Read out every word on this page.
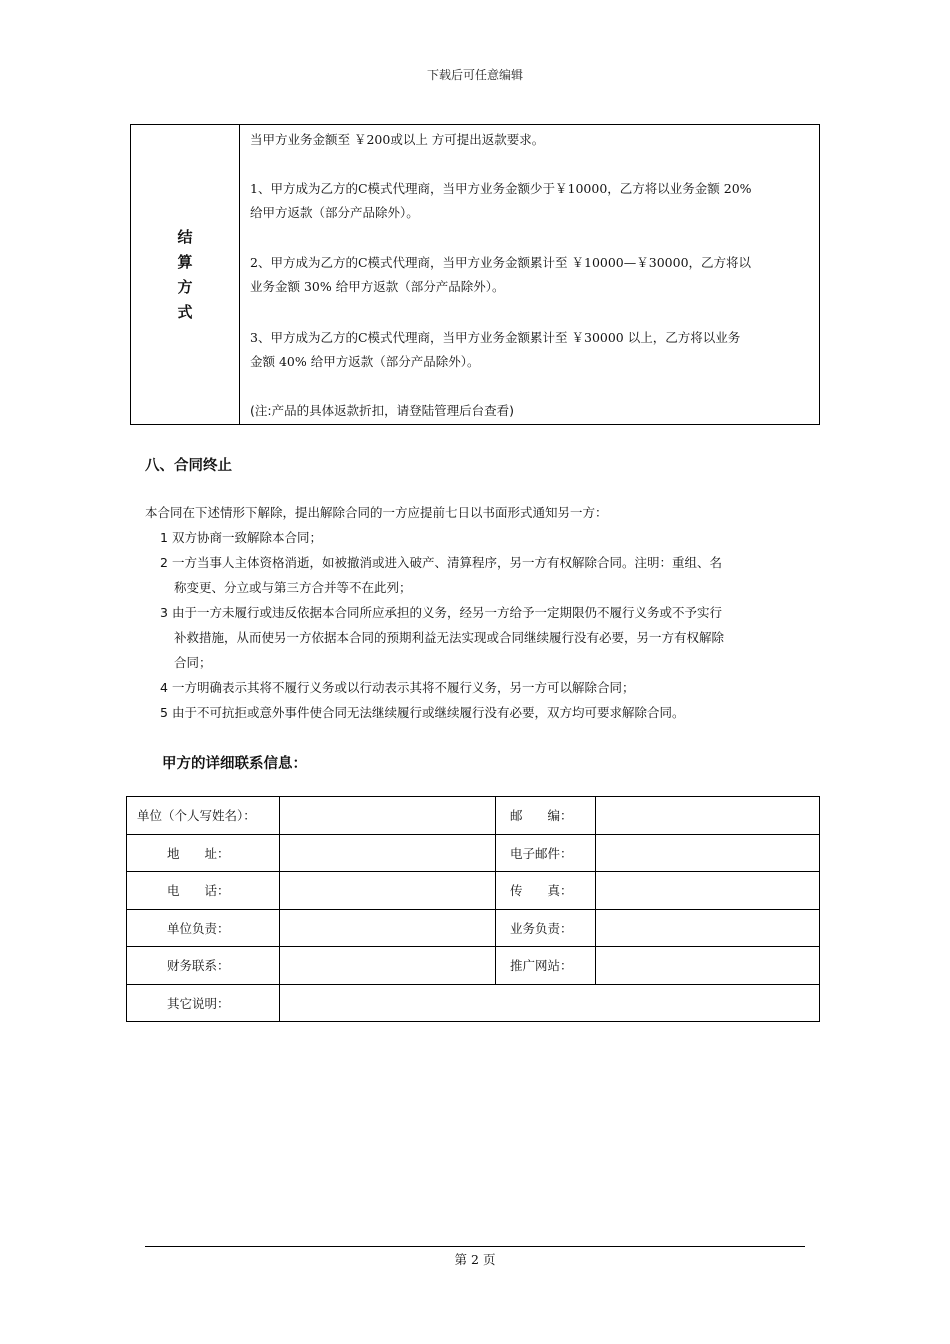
下载后可任意编辑
结算方式	
当甲方业务金额至 ￥200或以上 方可提出返款要求。
1、甲方成为乙方的C模式代理商，当甲方业务金额少于￥10000，乙方将以业务金额 20%
给甲方返款（部分产品除外）。
2、甲方成为乙方的C模式代理商，当甲方业务金额累计至 ￥10000—￥30000，乙方将以
业务金额 30% 给甲方返款（部分产品除外）。
3、甲方成为乙方的C模式代理商，当甲方业务金额累计至 ￥30000 以上，乙方将以业务
金额 40% 给甲方返款（部分产品除外）。
(注:产品的具体返款折扣，请登陆管理后台查看)
八、合同终止
本合同在下述情形下解除，提出解除合同的一方应提前七日以书面形式通知另一方：
1 双方协商一致解除本合同；
2 一方当事人主体资格消逝，如被撤消或进入破产、清算程序，另一方有权解除合同。注明：重组、名
称变更、分立或与第三方合并等不在此列；
3 由于一方未履行或违反依据本合同所应承担的义务，经另一方给予一定期限仍不履行义务或不予实行
补救措施，从而使另一方依据本合同的预期利益无法实现或合同继续履行没有必要，另一方有权解除
合同；
4 一方明确表示其将不履行义务或以行动表示其将不履行义务，另一方可以解除合同；
5 由于不可抗拒或意外事件使合同无法继续履行或继续履行没有必要，双方均可要求解除合同。
甲方的详细联系信息：
单位（个人写姓名）：		邮　　编：	
地　　址：		电子邮件：	
电　　话：		传　　真：	
单位负责：		业务负责：	
财务联系：		推广网站：	
其它说明：			
第 2 页
